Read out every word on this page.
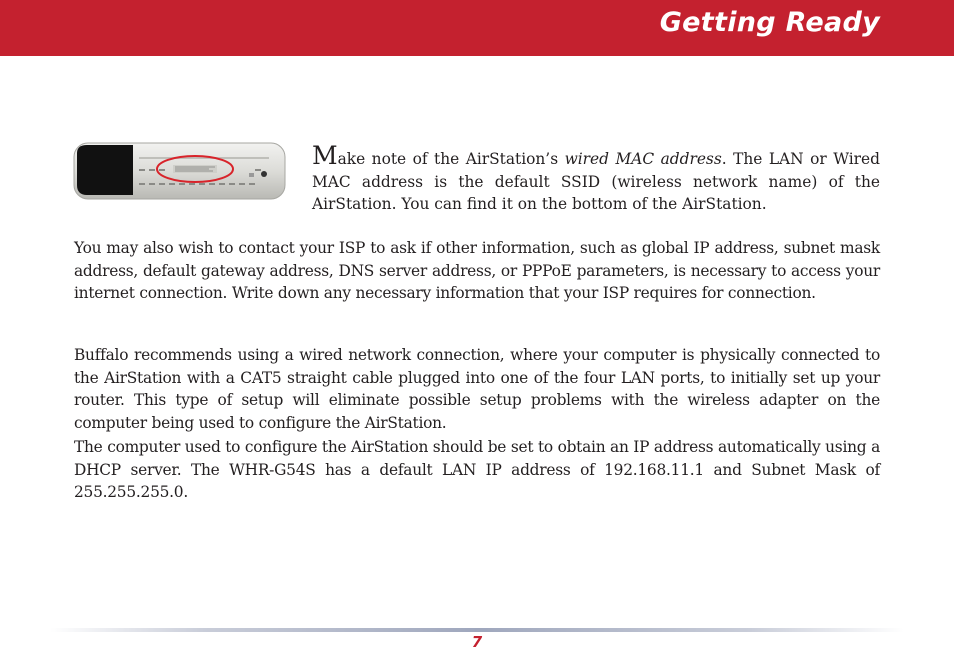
Getting Ready

Make note of the AirStation’s wired MAC address. The LAN or Wired MAC address is the default SSID (wireless network name) of the AirStation. You can find it on the bottom of the AirStation.

You may also wish to contact your ISP to ask if other information, such as global IP address, subnet mask address, default gateway address, DNS server address, or PPPoE parameters, is necessary to access your internet connection. Write down any necessary information that your ISP requires for connection.

Buffalo recommends using a wired network connection, where your computer is physically connected to the AirStation with a CAT5 straight cable plugged into one of the four LAN ports, to initially set up your router. This type of setup will eliminate possible setup problems with the wireless adapter on the computer being used to configure the AirStation.

The computer used to configure the AirStation should be set to obtain an IP address automatically using a DHCP server. The WHR-G54S has a default LAN IP address of 192.168.11.1 and Subnet Mask of 255.255.255.0.

7
